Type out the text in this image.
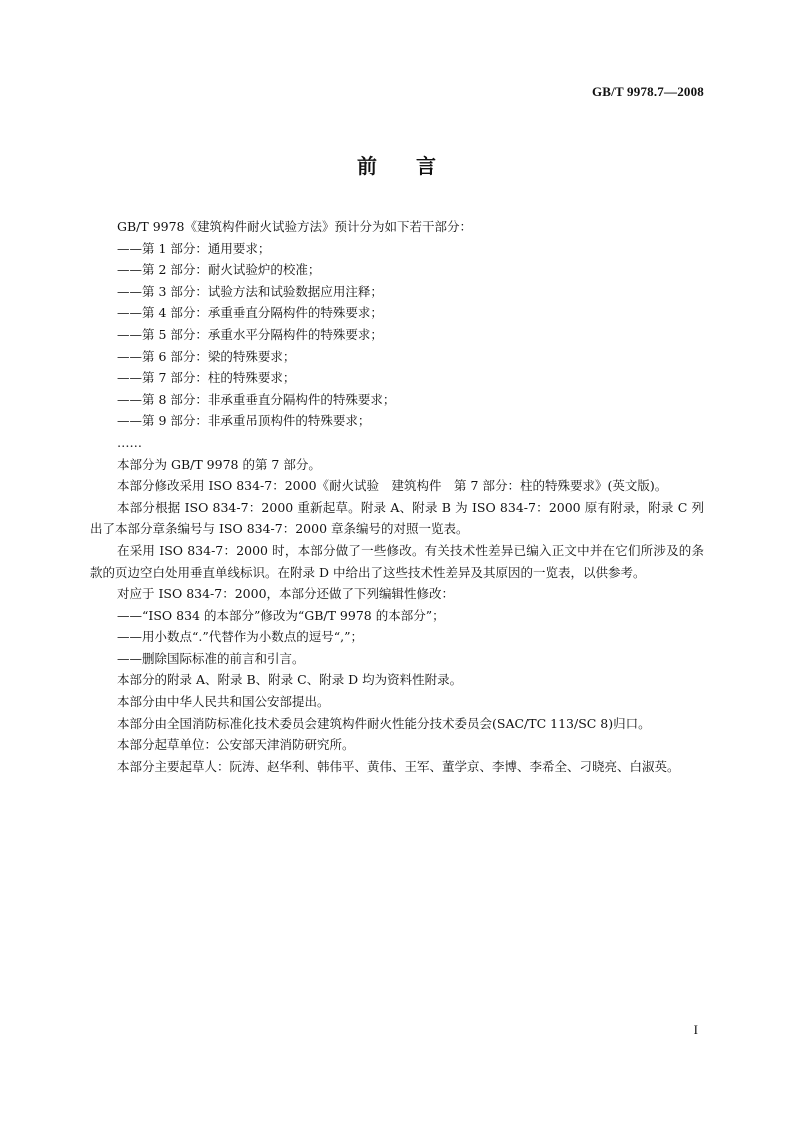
GB/T 9978.7—2008
前 言

GB/T 9978《建筑构件耐火试验方法》预计分为如下若干部分：

——第 1 部分：通用要求；

——第 2 部分：耐火试验炉的校准；

——第 3 部分：试验方法和试验数据应用注释；

——第 4 部分：承重垂直分隔构件的特殊要求；

——第 5 部分：承重水平分隔构件的特殊要求；

——第 6 部分：梁的特殊要求；

——第 7 部分：柱的特殊要求；

——第 8 部分：非承重垂直分隔构件的特殊要求；

——第 9 部分：非承重吊顶构件的特殊要求；

……

本部分为 GB/T 9978 的第 7 部分。

本部分修改采用 ISO 834-7：2000《耐火试验　建筑构件　第 7 部分：柱的特殊要求》(英文版)。

本部分根据 ISO 834-7：2000 重新起草。附录 A、附录 B 为 ISO 834-7：2000 原有附录，附录 C 列出了本部分章条编号与 ISO 834-7：2000 章条编号的对照一览表。

在采用 ISO 834-7：2000 时，本部分做了一些修改。有关技术性差异已编入正文中并在它们所涉及的条款的页边空白处用垂直单线标识。在附录 D 中给出了这些技术性差异及其原因的一览表，以供参考。

对应于 ISO 834-7：2000，本部分还做了下列编辑性修改：

——“ISO 834 的本部分”修改为“GB/T 9978 的本部分”；

——用小数点“.”代替作为小数点的逗号“,”；

——删除国际标准的前言和引言。

本部分的附录 A、附录 B、附录 C、附录 D 均为资料性附录。

本部分由中华人民共和国公安部提出。

本部分由全国消防标准化技术委员会建筑构件耐火性能分技术委员会(SAC/TC 113/SC 8)归口。

本部分起草单位：公安部天津消防研究所。

本部分主要起草人：阮涛、赵华利、韩伟平、黄伟、王军、董学京、李博、李希全、刁晓亮、白淑英。

I
